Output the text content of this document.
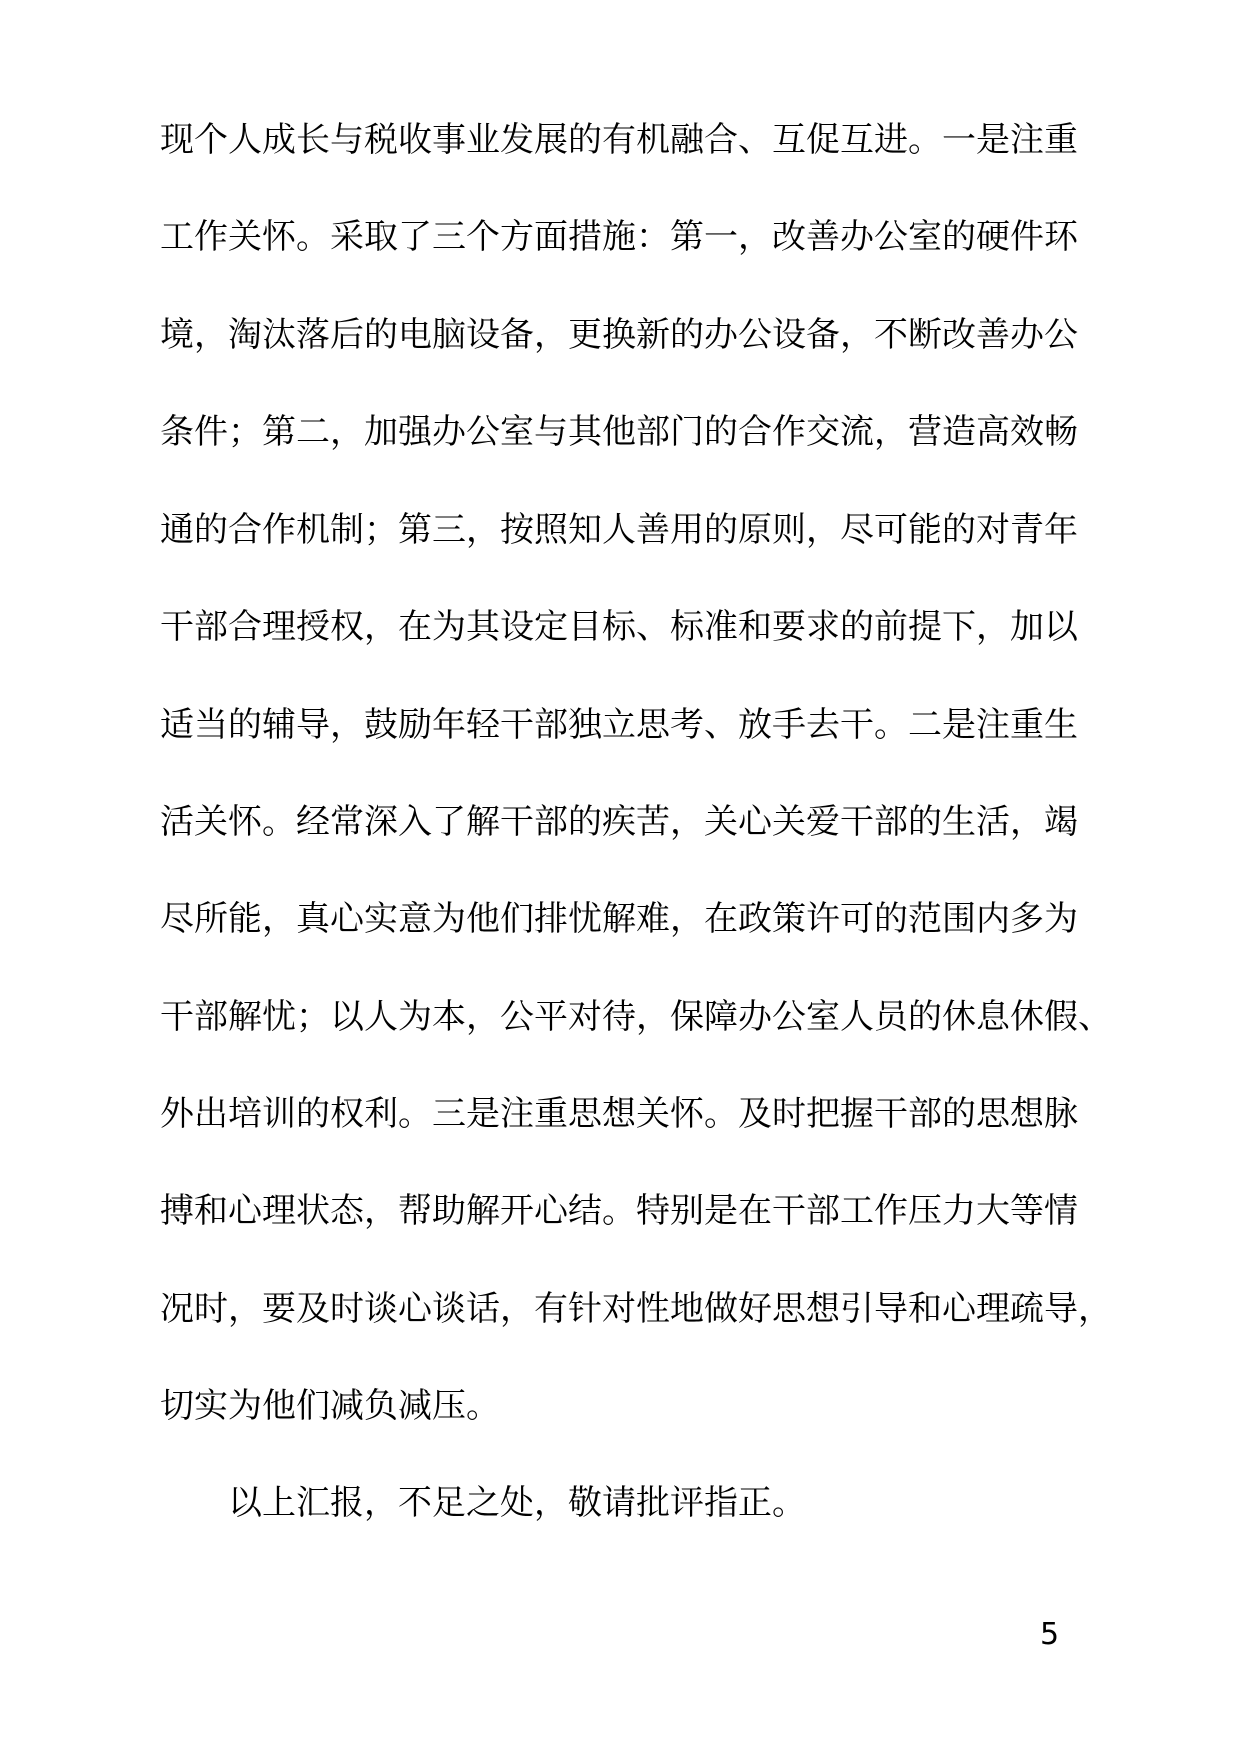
现个人成长与税收事业发展的有机融合、互促互进。一是注重
工作关怀。采取了三个方面措施：第一，改善办公室的硬件环
境，淘汰落后的电脑设备，更换新的办公设备，不断改善办公
条件；第二，加强办公室与其他部门的合作交流，营造高效畅
通的合作机制；第三，按照知人善用的原则，尽可能的对青年
干部合理授权，在为其设定目标、标准和要求的前提下，加以
适当的辅导，鼓励年轻干部独立思考、放手去干。二是注重生
活关怀。经常深入了解干部的疾苦，关心关爱干部的生活，竭
尽所能，真心实意为他们排忧解难，在政策许可的范围内多为
干部解忧；以人为本，公平对待，保障办公室人员的休息休假、
外出培训的权利。三是注重思想关怀。及时把握干部的思想脉
搏和心理状态，帮助解开心结。特别是在干部工作压力大等情
况时，要及时谈心谈话，有针对性地做好思想引导和心理疏导，
切实为他们减负减压。
以上汇报，不足之处，敬请批评指正。
5
